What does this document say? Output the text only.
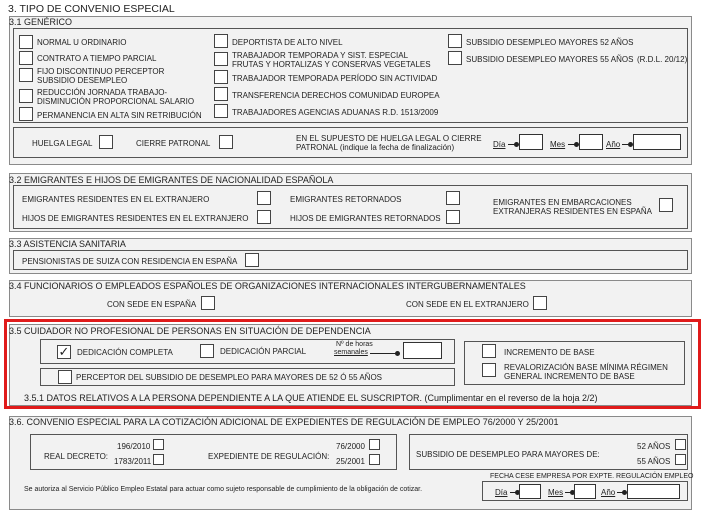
3. TIPO DE CONVENIO ESPECIAL
3.1 GENÉRICO
NORMAL U ORDINARIO
CONTRATO A TIEMPO PARCIAL
FIJO DISCONTINUO PERCEPTOR
SUBSIDIO DESEMPLEO
REDUCCIÓN JORNADA TRABAJO-
DISMINUCIÓN PROPORCIONAL SALARIO
PERMANENCIA EN ALTA SIN RETRIBUCIÓN
DEPORTISTA DE ALTO NIVEL
TRABAJADOR TEMPORADA Y SIST. ESPECIAL
FRUTAS Y HORTALIZAS Y CONSERVAS VEGETALES
TRABAJADOR TEMPORADA PERÍODO SIN ACTIVIDAD
TRANSFERENCIA DERECHOS COMUNIDAD EUROPEA
TRABAJADORES AGENCIAS ADUANAS R.D. 1513/2009
SUBSIDIO DESEMPLEO MAYORES 52 AÑOS
SUBSIDIO DESEMPLEO MAYORES 55 AÑOS (R.D.L. 20/12)
HUELGA LEGAL	CIERRE PATRONAL
EN EL SUPUESTO DE HUELGA LEGAL O CIERRE
PATRONAL (indique la fecha de finalización)	Día	Mes	Año
3.2 EMIGRANTES E HIJOS DE EMIGRANTES DE NACIONALIDAD ESPAÑOLA
EMIGRANTES RESIDENTES EN EL EXTRANJERO
HIJOS DE EMIGRANTES RESIDENTES EN EL EXTRANJERO
EMIGRANTES RETORNADOS
HIJOS DE EMIGRANTES RETORNADOS
EMIGRANTES EN EMBARCACIONES
EXTRANJERAS RESIDENTES EN ESPAÑA
3.3 ASISTENCIA SANITARIA
PENSIONISTAS DE SUIZA CON RESIDENCIA EN ESPAÑA
3.4 FUNCIONARIOS O EMPLEADOS ESPAÑOLES DE ORGANIZACIONES INTERNACIONALES INTERGUBERNAMENTALES
CON SEDE EN ESPAÑA	CON SEDE EN EL EXTRANJERO
3.5 CUIDADOR NO PROFESIONAL DE PERSONAS EN SITUACIÓN DE DEPENDENCIA
✓ DEDICACIÓN COMPLETA	DEDICACIÓN PARCIAL
Nº de horas
semanales
PERCEPTOR DEL SUBSIDIO DE DESEMPLEO PARA MAYORES DE 52 Ó 55 AÑOS
INCREMENTO DE BASE
REVALORIZACIÓN BASE MÍNIMA RÉGIMEN
GENERAL INCREMENTO DE BASE
3.5.1 DATOS RELATIVOS A LA PERSONA DEPENDIENTE A LA QUE ATIENDE EL SUSCRIPTOR. (Cumplimentar en el reverso de la hoja 2/2)
3.6. CONVENIO ESPECIAL PARA LA COTIZACIÓN ADICIONAL DE EXPEDIENTES DE REGULACIÓN DE EMPLEO 76/2000 Y 25/2001
REAL DECRETO:
196/2010
1783/2011
EXPEDIENTE DE REGULACIÓN:
76/2000
25/2001
SUBSIDIO DE DESEMPLEO PARA MAYORES DE:
52 AÑOS
55 AÑOS
FECHA CESE EMPRESA POR EXPTE. REGULACIÓN EMPLEO
Se autoriza al Servicio Público Empleo Estatal para actuar como sujeto responsable de cumplimiento de la obligación de cotizar.	Día	Mes	Año
